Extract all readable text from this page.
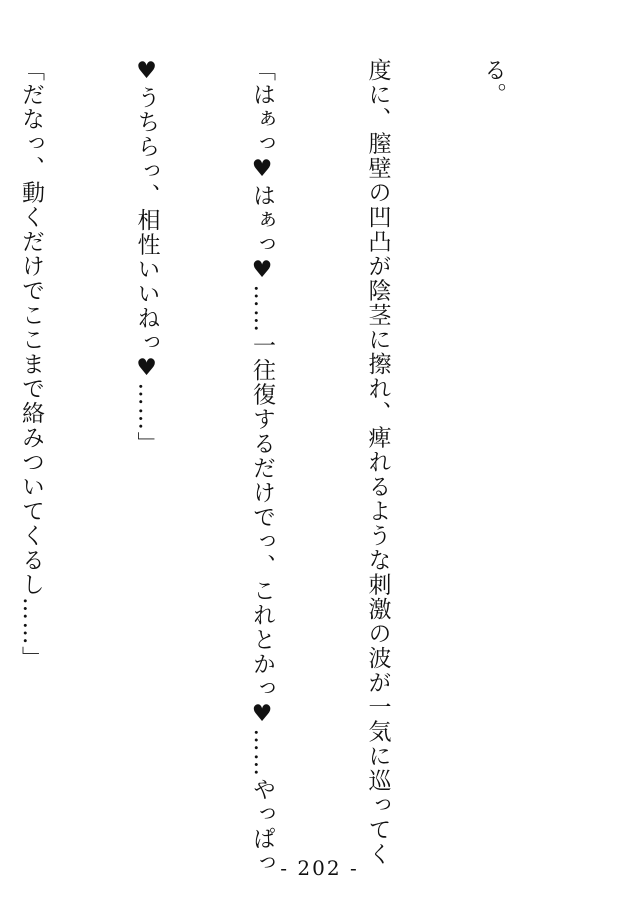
る。

度に、膣壁の凹凸が陰茎に擦れ、痺れるような刺激の波が一気に巡ってく

「はぁっ♥はぁっ♥……一往復するだけでっ、これとかっ♥……やっぱっ

♥うちらっ、相性いいねっ♥……」

「だなっ、動くだけでここまで絡みついてくるし……」

- 202 -
